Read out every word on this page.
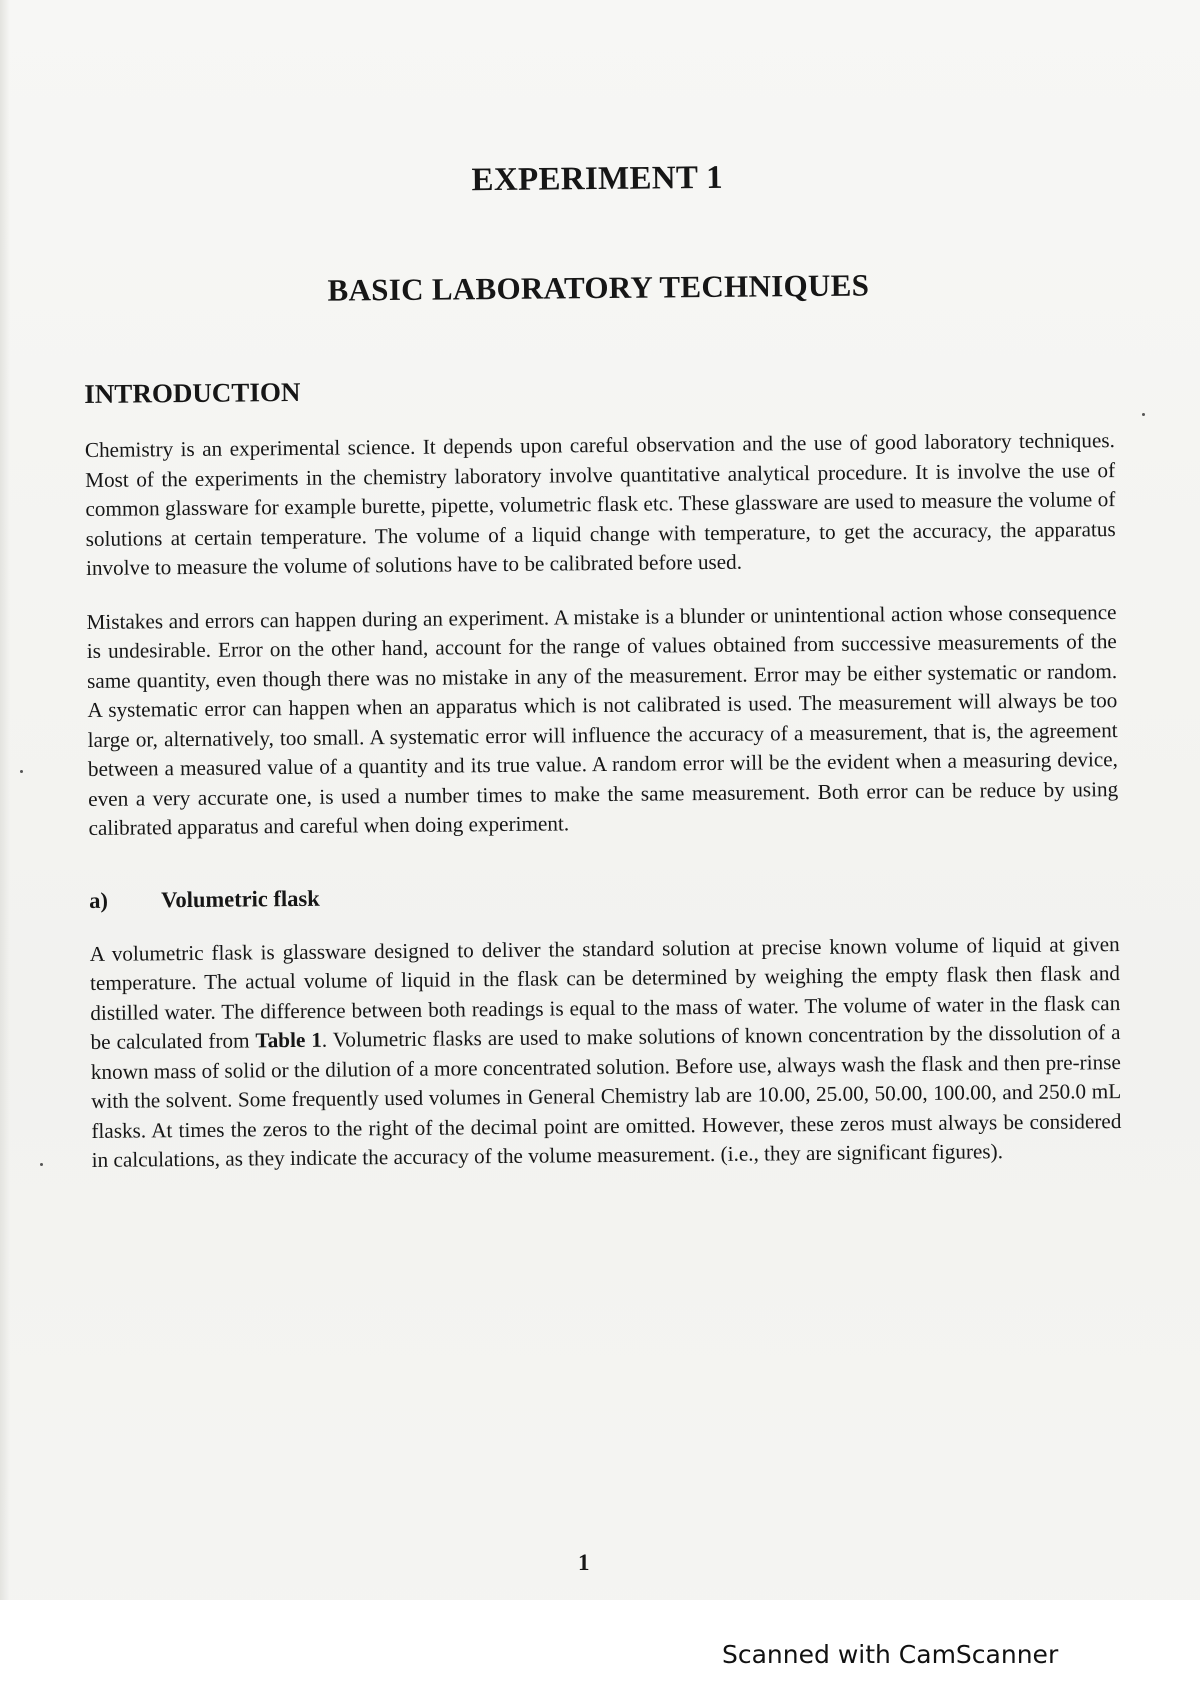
EXPERIMENT 1
BASIC LABORATORY TECHNIQUES
INTRODUCTION

Chemistry is an experimental science. It depends upon careful observation and the use of good laboratory techniques. Most of the experiments in the chemistry laboratory involve quantitative analytical procedure. It is involve the use of common glassware for example burette, pipette, volumetric flask etc. These glassware are used to measure the volume of solutions at certain temperature. The volume of a liquid change with temperature, to get the accuracy, the apparatus involve to measure the volume of solutions have to be calibrated before used.

Mistakes and errors can happen during an experiment. A mistake is a blunder or unintentional action whose consequence is undesirable. Error on the other hand, account for the range of values obtained from successive measurements of the same quantity, even though there was no mistake in any of the measurement. Error may be either systematic or random. A systematic error can happen when an apparatus which is not calibrated is used. The measurement will always be too large or, alternatively, too small. A systematic error will influence the accuracy of a measurement, that is, the agreement between a measured value of a quantity and its true value. A random error will be the evident when a measuring device, even a very accurate one, is used a number times to make the same measurement. Both error can be reduce by using calibrated apparatus and careful when doing experiment.

a)	Volumetric flask

A volumetric flask is glassware designed to deliver the standard solution at precise known volume of liquid at given temperature. The actual volume of liquid in the flask can be determined by weighing the empty flask then flask and distilled water. The difference between both readings is equal to the mass of water. The volume of water in the flask can be calculated from Table 1. Volumetric flasks are used to make solutions of known concentration by the dissolution of a known mass of solid or the dilution of a more concentrated solution. Before use, always wash the flask and then pre-rinse with the solvent. Some frequently used volumes in General Chemistry lab are 10.00, 25.00, 50.00, 100.00, and 250.0 mL flasks. At times the zeros to the right of the decimal point are omitted. However, these zeros must always be considered in calculations, as they indicate the accuracy of the volume measurement. (i.e., they are significant figures).

1
Scanned with CamScanner
